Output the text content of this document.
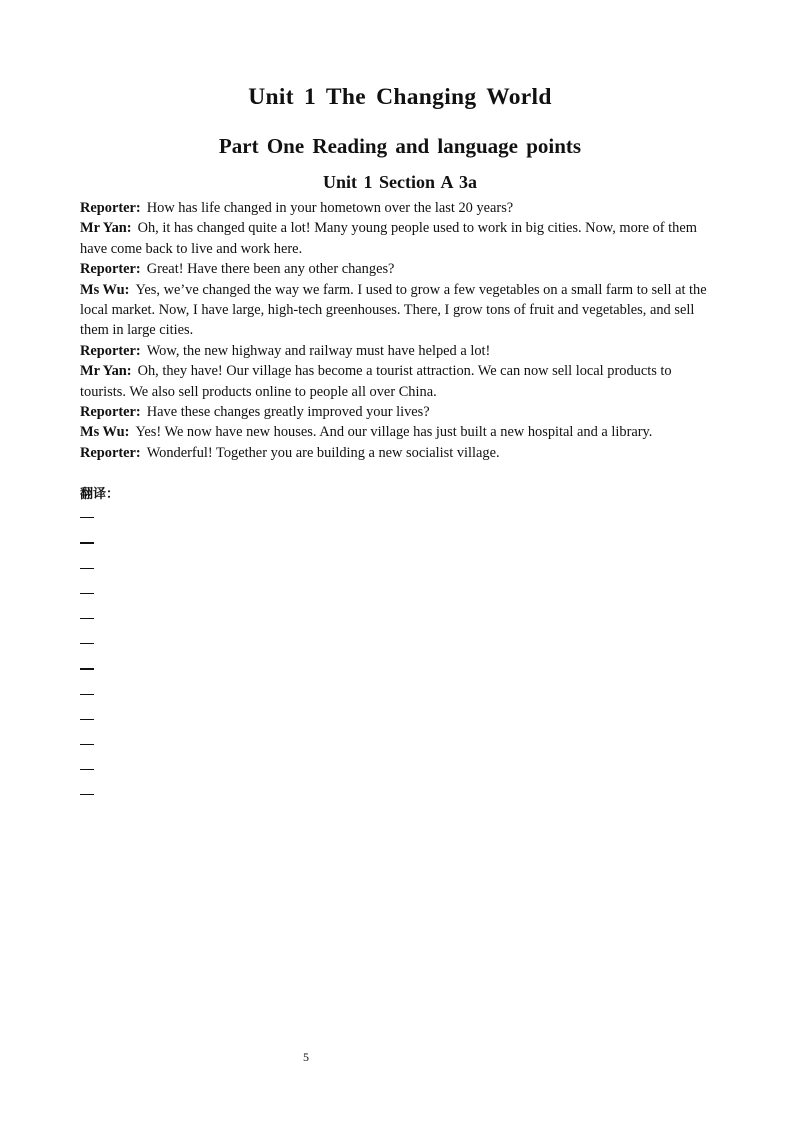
Unit 1 The Changing World
Part One Reading and language points
Unit 1 Section A 3a

Reporter: How has life changed in your hometown over the last 20 years?

Mr Yan: Oh, it has changed quite a lot! Many young people used to work in big cities. Now, more of them have come back to live and work here.

Reporter: Great! Have there been any other changes?

Ms Wu: Yes, we’ve changed the way we farm. I used to grow a few vegetables on a small farm to sell at the local market. Now, I have large, high-tech greenhouses. There, I grow tons of fruit and vegetables, and sell them in large cities.

Reporter: Wow, the new highway and railway must have helped a lot!

Mr Yan: Oh, they have! Our village has become a tourist attraction. We can now sell local products to tourists. We also sell products online to people all over China.

Reporter: Have these changes greatly improved your lives?

Ms Wu: Yes! We now have new houses. And our village has just built a new hospital and a library.

Reporter: Wonderful! Together you are building a new socialist village.

翻译：
5
